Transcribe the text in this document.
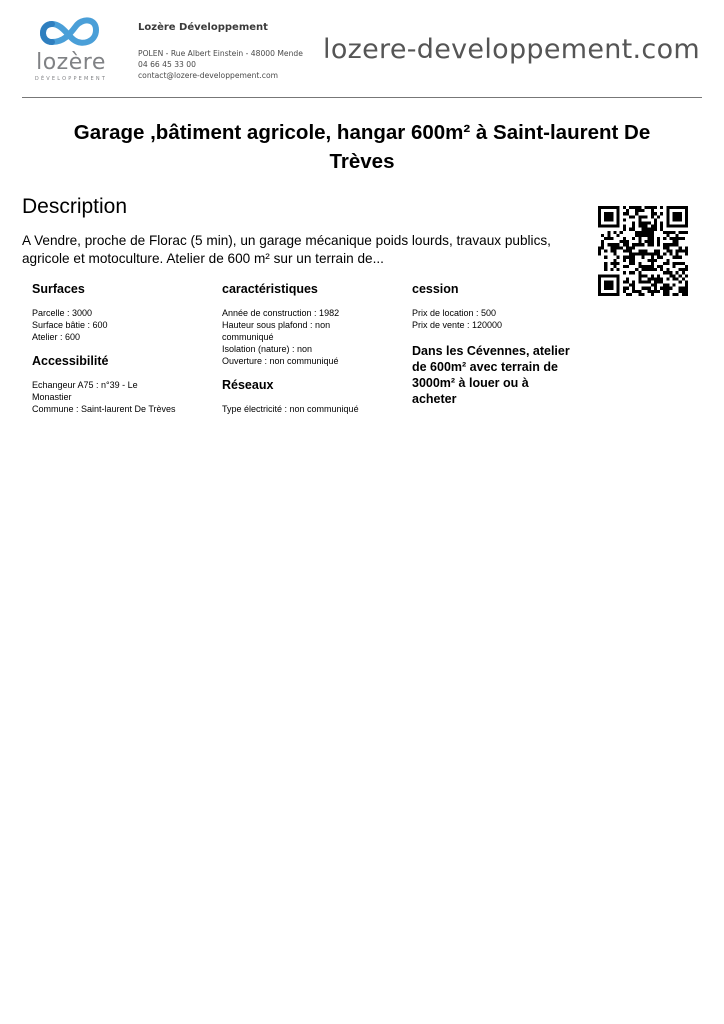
lozère
DÉVELOPPEMENT
Lozère Développement
POLEN - Rue Albert Einstein - 48000 Mende
04 66 45 33 00
contact@lozere-developpement.com
lozere-developpement.com
Garage ,bâtiment agricole, hangar 600m² à Saint-laurent De Trèves
Description
A Vendre, proche de Florac (5 min), un garage mécanique poids lourds, travaux publics, agricole et motoculture. Atelier de 600 m² sur un terrain de...
Surfaces

Parcelle : 3000

Surface bâtie : 600

Atelier : 600

Accessibilité

Echangeur A75 : n°39 - Le

Monastier

Commune : Saint-laurent De Trèves

caractéristiques

Année de construction : 1982

Hauteur sous plafond : non

communiqué

Isolation (nature) : non

Ouverture : non communiqué

Réseaux

Type électricité : non communiqué

cession

Prix de location : 500

Prix de vente : 120000

Dans les Cévennes, atelier de 600m² avec terrain de 3000m² à louer ou à acheter
